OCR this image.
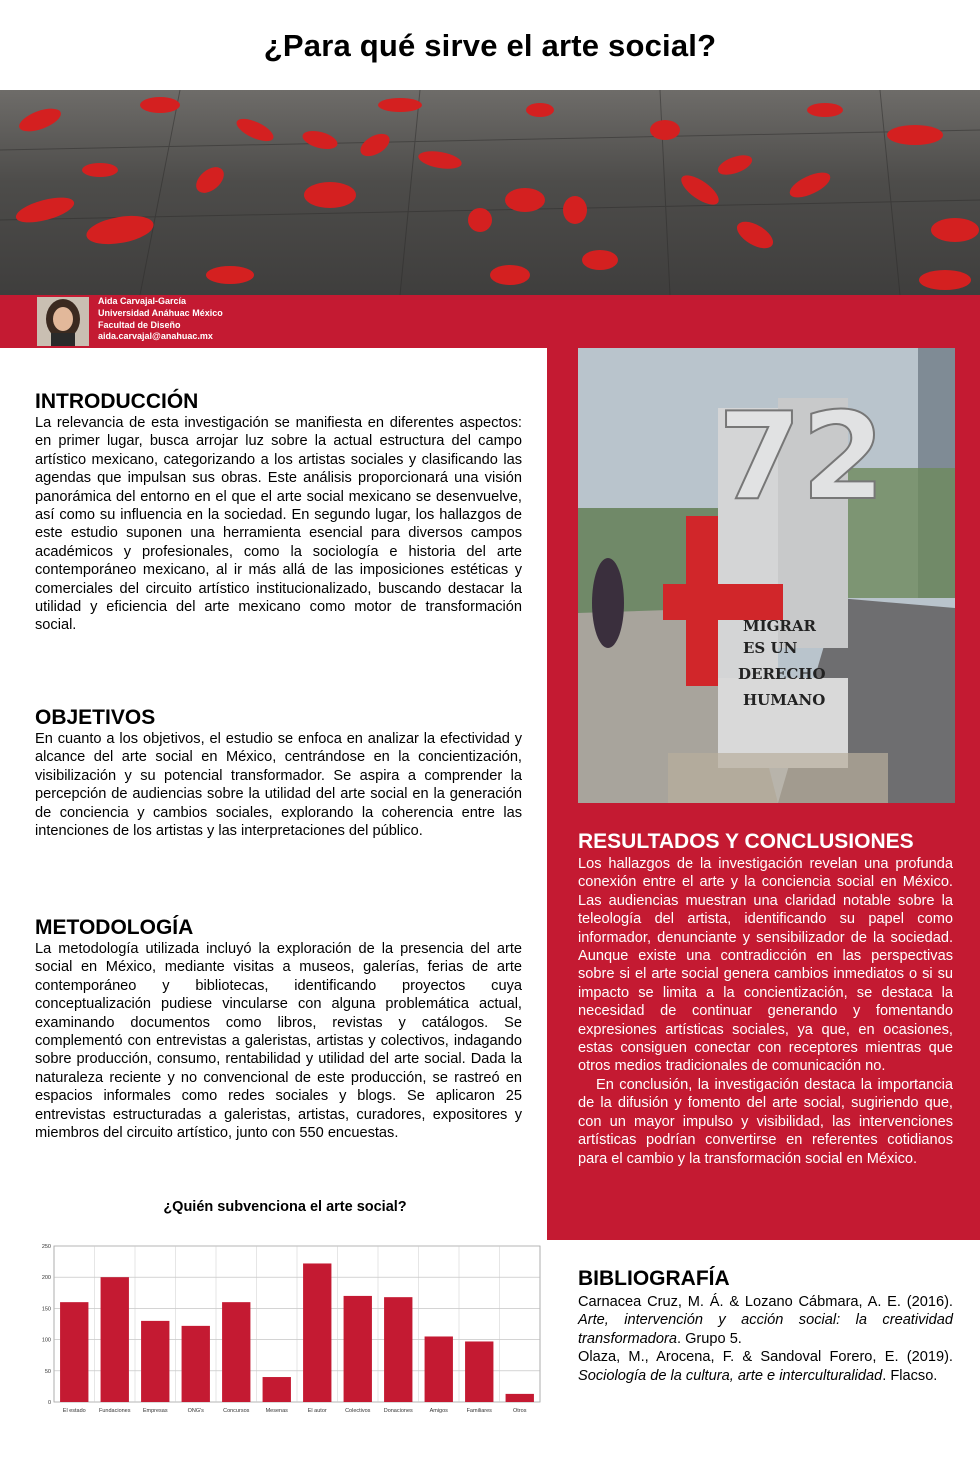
¿Para qué sirve el arte social?
Aida Carvajal-García
Universidad Anáhuac México
Facultad de Diseño
aida.carvajal@anahuac.mx
72
MIGRAR
ES UN
DERECHO
HUMANO
INTRODUCCIÓN

La relevancia de esta investigación se manifiesta en diferentes aspectos: en primer lugar, busca arrojar luz sobre la actual estructura del campo artístico mexicano, categorizando a los artistas sociales y clasificando las agendas que impulsan sus obras. Este análisis proporcionará una visión panorámica del entorno en el que el arte social mexicano se desenvuelve, así como su influencia en la sociedad. En segundo lugar, los hallazgos de este estudio suponen una herramienta esencial para diversos campos académicos y profesionales, como la sociología e historia del arte contemporáneo mexicano, al ir más allá de las imposiciones estéticas y comerciales del circuito artístico institucionalizado, buscando destacar la utilidad y eficiencia del arte mexicano como motor de transformación social.

OBJETIVOS

En cuanto a los objetivos, el estudio se enfoca en analizar la efectividad y alcance del arte social en México, centrándose en la concientización, visibilización y su potencial transformador. Se aspira a comprender la percepción de audiencias sobre la utilidad del arte social en la generación de conciencia y cambios sociales, explorando la coherencia entre las intenciones de los artistas y las interpretaciones del público.

METODOLOGÍA

La metodología utilizada incluyó la exploración de la presencia del arte social en México, mediante visitas a museos, galerías, ferias de arte contemporáneo y bibliotecas, identificando proyectos cuya conceptualización pudiese vincularse con alguna problemática actual, examinando documentos como libros, revistas y catálogos. Se complementó con entrevistas a galeristas, artistas y colectivos, indagando sobre producción, consumo, rentabilidad y utilidad del arte social. Dada la naturaleza reciente y no convencional de este producción, se rastreó en espacios informales como redes sociales y blogs. Se aplicaron 25 entrevistas estructuradas a galeristas, artistas, curadores, expositores y miembros del circuito artístico, junto con 550 encuestas.

RESULTADOS Y CONCLUSIONES

Los hallazgos de la investigación revelan una profunda conexión entre el arte y la conciencia social en México. Las audiencias muestran una claridad notable sobre la teleología del artista, identificando su papel como informador, denunciante y sensibilizador de la sociedad. Aunque existe una contradicción en las perspectivas sobre si el arte social genera cambios inmediatos o si su impacto se limita a la concientización, se destaca la necesidad de continuar generando y fomentando expresiones artísticas sociales, ya que, en ocasiones, estas consiguen conectar con receptores mientras que otros medios tradicionales de comunicación no.

En conclusión, la investigación destaca la importancia de la difusión y fomento del arte social, sugiriendo que, con un mayor impulso y visibilidad, las intervenciones artísticas podrían convertirse en referentes cotidianos para el cambio y la transformación social en México.

¿Quién subvenciona el arte social?
0
50
100
150
200
250
El estado Fundaciones Empresas	ONG's	Concursos	Mesenas	El autor	Colectivos Donaciones	Amigos	Familiares	Otros
BIBLIOGRAFÍA

Carnacea Cruz, M. Á. & Lozano Cábmara, A. E. (2016). Arte, intervención y acción social: la creatividad transformadora. Grupo 5.

Olaza, M., Arocena, F. & Sandoval Forero, E. (2019). Sociología de la cultura, arte e interculturalidad. Flacso.
